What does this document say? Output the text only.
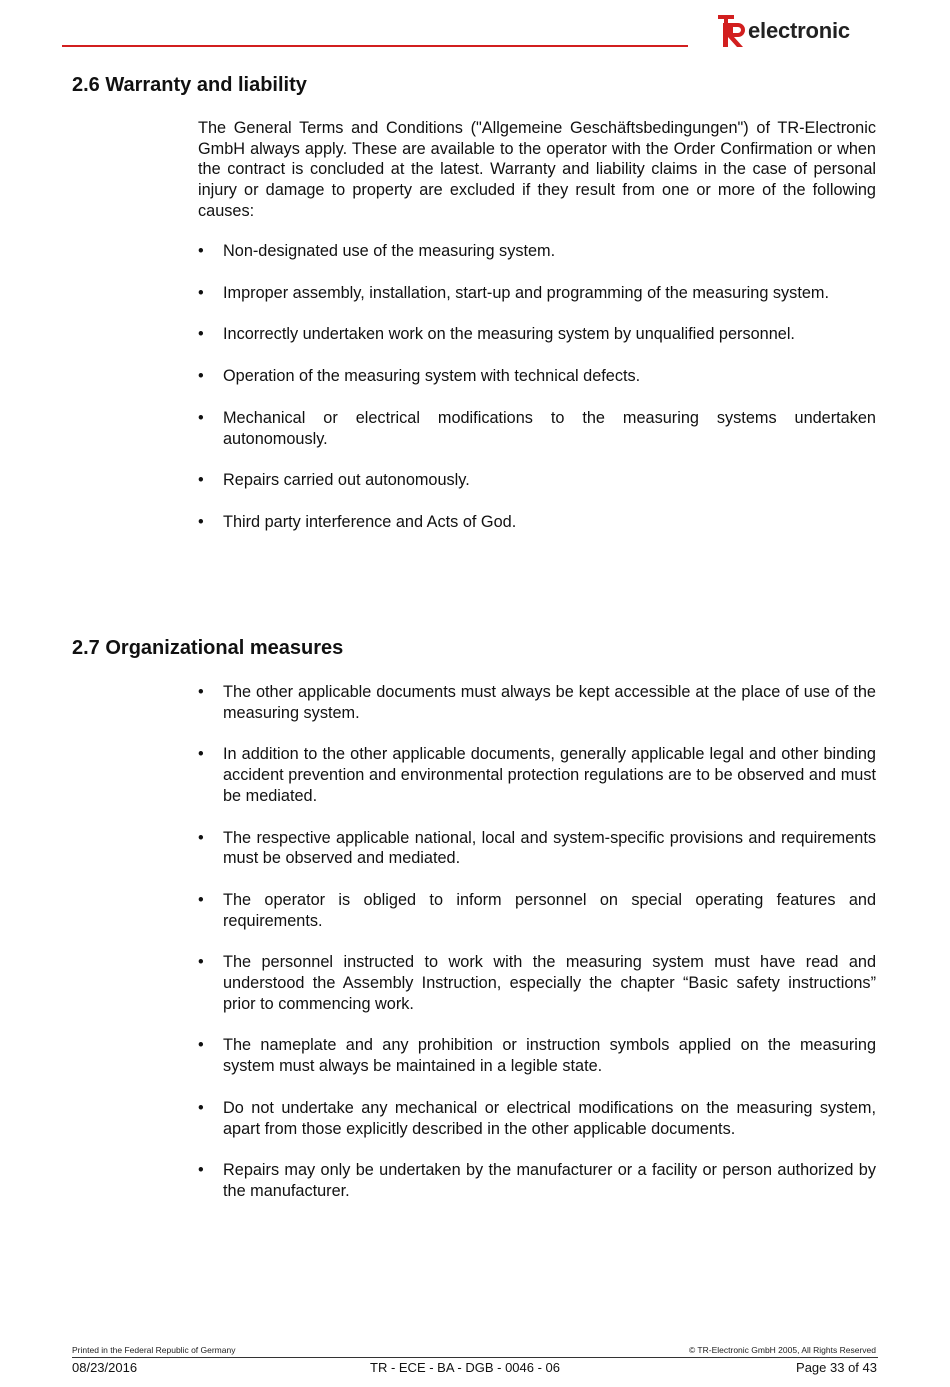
electronic
2.6 Warranty and liability

The General Terms and Conditions ("Allgemeine Geschäftsbedingungen") of TR-Electronic GmbH always apply. These are available to the operator with the Order Confirmation or when the contract is concluded at the latest. Warranty and liability claims in the case of personal injury or damage to property are excluded if they result from one or more of the following causes:

•	Non-designated use of the measuring system.
•	Improper assembly, installation, start-up and programming of the measuring system.
•	Incorrectly undertaken work on the measuring system by unqualified personnel.
•	Operation of the measuring system with technical defects.
•	Mechanical or electrical modifications to the measuring systems undertaken autonomously.
•	Repairs carried out autonomously.
•	Third party interference and Acts of God.
2.7 Organizational measures
•	The other applicable documents must always be kept accessible at the place of use of the measuring system.
•	In addition to the other applicable documents, generally applicable legal and other binding accident prevention and environmental protection regulations are to be observed and must be mediated.
•	The respective applicable national, local and system-specific provisions and requirements must be observed and mediated.
•	The operator is obliged to inform personnel on special operating features and requirements.
•	The personnel instructed to work with the measuring system must have read and understood the Assembly Instruction, especially the chapter “Basic safety instructions” prior to commencing work.
•	The nameplate and any prohibition or instruction symbols applied on the measuring system must always be maintained in a legible state.
•	Do not undertake any mechanical or electrical modifications on the measuring system, apart from those explicitly described in the other applicable documents.
•	Repairs may only be undertaken by the manufacturer or a facility or person authorized by the manufacturer.
Printed in the Federal Republic of Germany	© TR-Electronic GmbH 2005, All Rights Reserved
08/23/2016	TR - ECE - BA - DGB - 0046 - 06	Page 33 of 43
